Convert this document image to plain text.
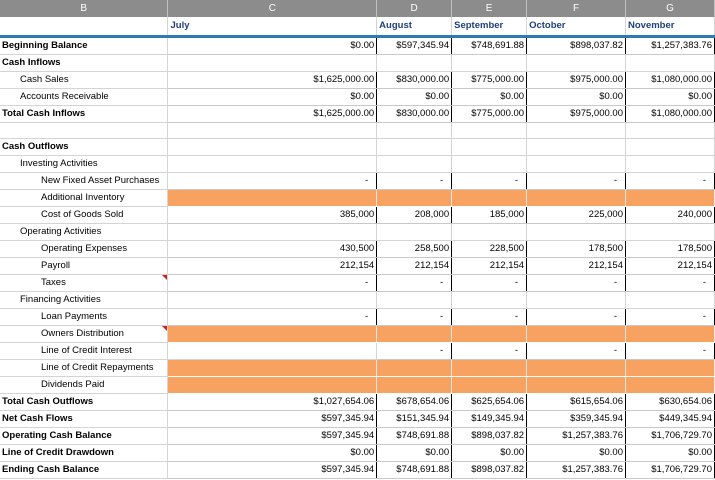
B	C	D	E	F	G
	July	August	September	October	November
Beginning Balance	$0.00	$597,345.94	$748,691.88	$898,037.82	$1,257,383.76
Cash Inflows					
Cash Sales	$1,625,000.00	$830,000.00	$775,000.00	$975,000.00	$1,080,000.00
Accounts Receivable	$0.00	$0.00	$0.00	$0.00	$0.00
Total Cash Inflows	$1,625,000.00	$830,000.00	$775,000.00	$975,000.00	$1,080,000.00

Cash Outflows					
Investing Activities					
New Fixed Asset Purchases	-	-	-	-	-
Additional Inventory					
Cost of Goods Sold	385,000	208,000	185,000	225,000	240,000
Operating Activities					
Operating Expenses	430,500	258,500	228,500	178,500	178,500
Payroll	212,154	212,154	212,154	212,154	212,154
Taxes	-	-	-	-	-
Financing Activities					
Loan Payments	-	-	-	-	-
Owners Distribution					
Line of Credit Interest		-	-	-	-
Line of Credit Repayments					
Dividends Paid					
Total Cash Outflows	$1,027,654.06	$678,654.06	$625,654.06	$615,654.06	$630,654.06
Net Cash Flows	$597,345.94	$151,345.94	$149,345.94	$359,345.94	$449,345.94
Operating Cash Balance	$597,345.94	$748,691.88	$898,037.82	$1,257,383.76	$1,706,729.70
Line of Credit Drawdown	$0.00	$0.00	$0.00	$0.00	$0.00
Ending Cash Balance	$597,345.94	$748,691.88	$898,037.82	$1,257,383.76	$1,706,729.70
